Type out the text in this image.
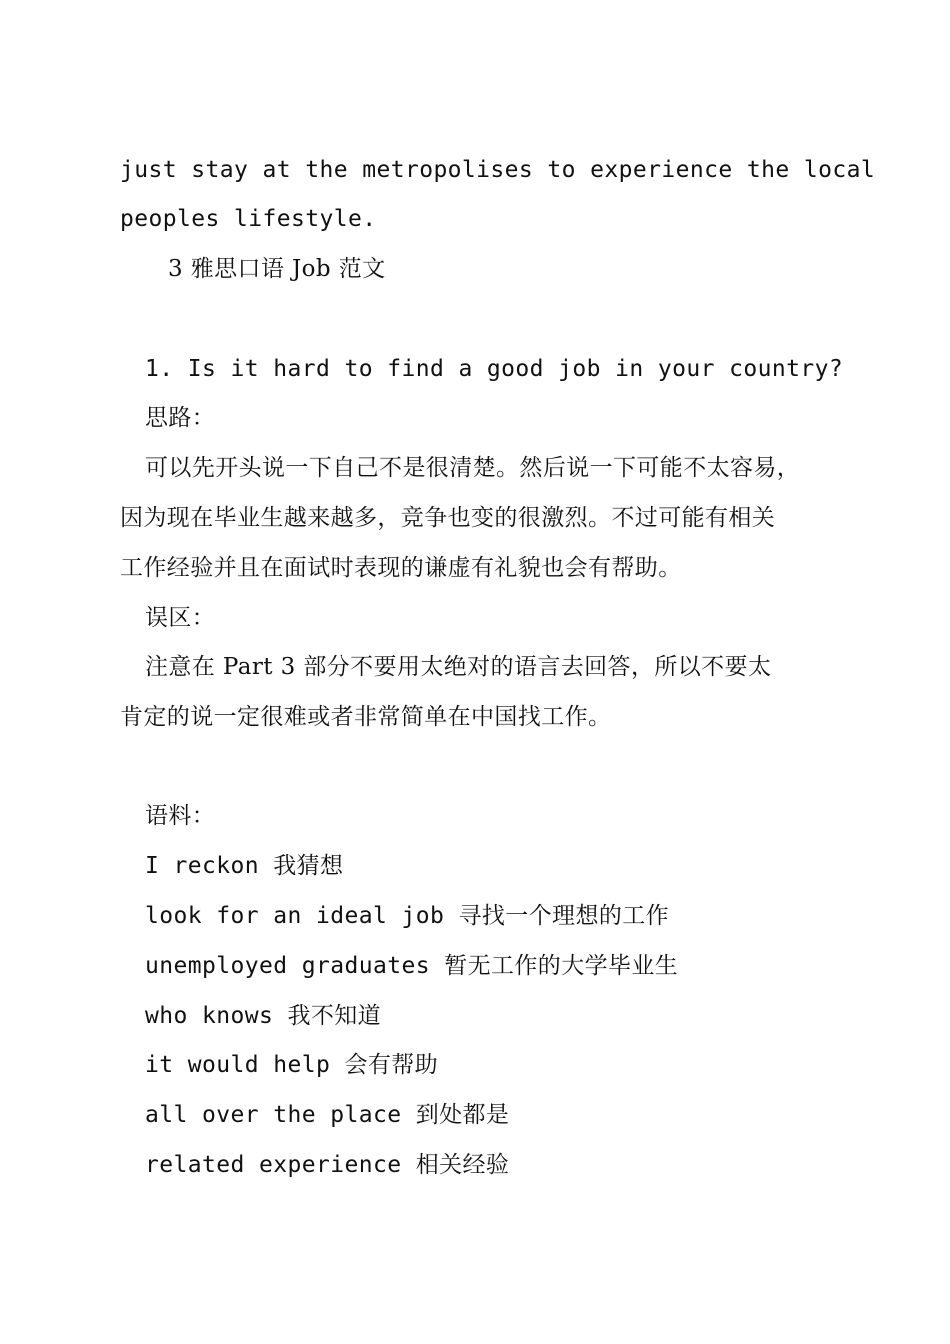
just stay at the metropolises to experience the local
peoples lifestyle.
3 雅思口语 Job 范文
1. Is it hard to find a good job in your country?
思路：
可以先开头说一下自己不是很清楚。然后说一下可能不太容易，
因为现在毕业生越来越多，竞争也变的很激烈。不过可能有相关
工作经验并且在面试时表现的谦虚有礼貌也会有帮助。
误区：
注意在 Part 3 部分不要用太绝对的语言去回答，所以不要太
肯定的说一定很难或者非常简单在中国找工作。
语料：
I reckon 我猜想
look for an ideal job 寻找一个理想的工作
unemployed graduates 暂无工作的大学毕业生
who knows 我不知道
it would help 会有帮助
all over the place 到处都是
related experience 相关经验
